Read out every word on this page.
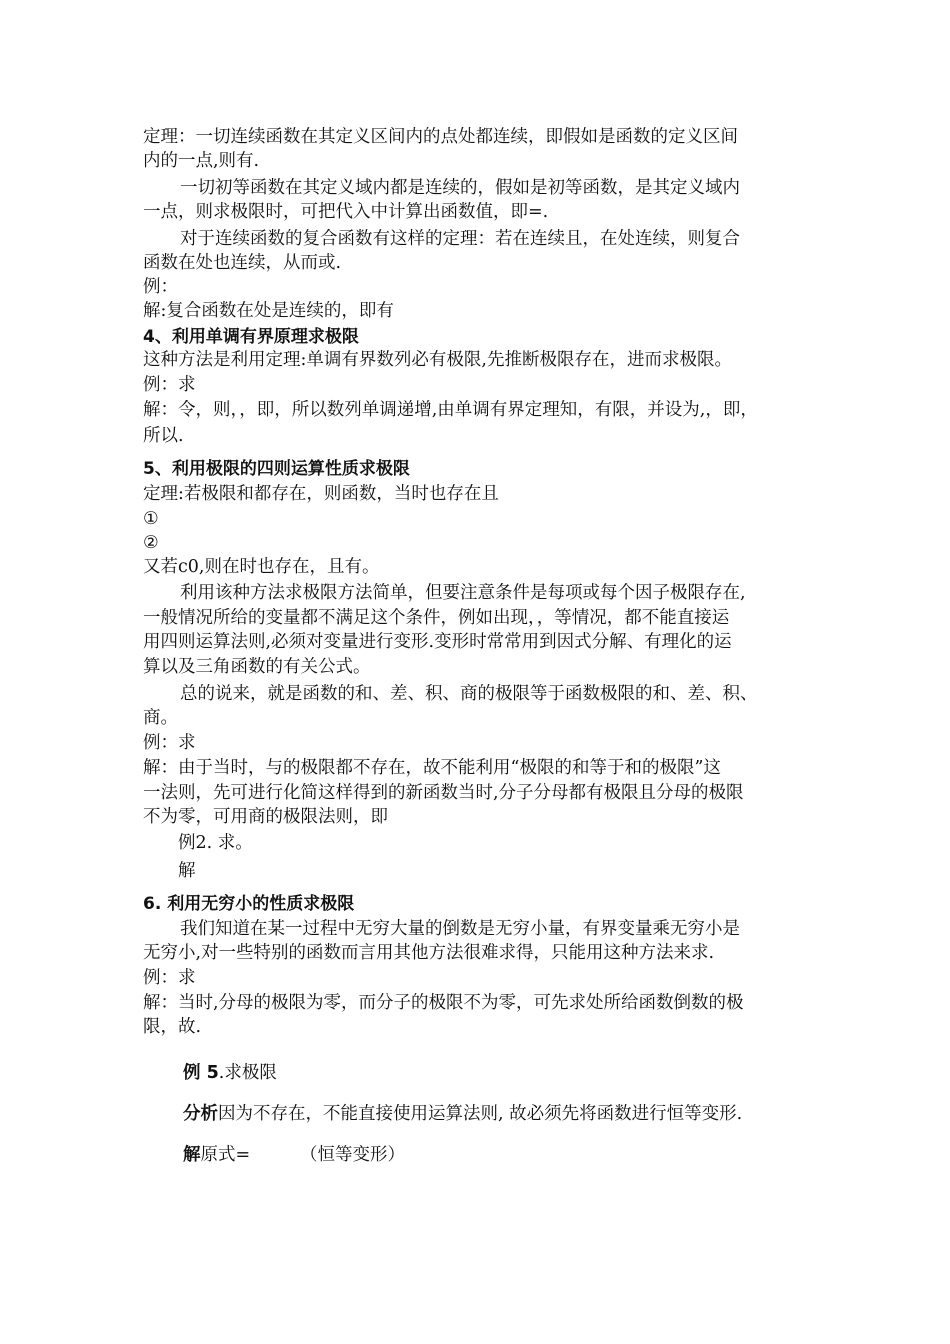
定理：一切连续函数在其定义区间内的点处都连续，即假如是函数的定义区间
内的一点,则有.
一切初等函数在其定义域内都是连续的，假如是初等函数，是其定义域内
一点，则求极限时，可把代入中计算出函数值，即=.
对于连续函数的复合函数有这样的定理：若在连续且，在处连续，则复合
函数在处也连续，从而或.
例：
解:复合函数在处是连续的，即有
4、利用单调有界原理求极限
这种方法是利用定理:单调有界数列必有极限,先推断极限存在，进而求极限。
例：求
解：令，则，，即，所以数列单调递增,由单调有界定理知，有限，并设为,，即，
所以.
5、利用极限的四则运算性质求极限
定理:若极限和都存在，则函数，当时也存在且
①
②
又若c0,则在时也存在，且有。
利用该种方法求极限方法简单，但要注意条件是每项或每个因子极限存在,
一般情况所给的变量都不满足这个条件，例如出现，，等情况，都不能直接运
用四则运算法则,必须对变量进行变形.变形时常常用到因式分解、有理化的运
算以及三角函数的有关公式。
总的说来，就是函数的和、差、积、商的极限等于函数极限的和、差、积、
商。
例：求
解：由于当时，与的极限都不存在，故不能利用“极限的和等于和的极限”这
一法则，先可进行化简这样得到的新函数当时,分子分母都有极限且分母的极限
不为零，可用商的极限法则，即
例2. 求。
解
6. 利用无穷小的性质求极限
我们知道在某一过程中无穷大量的倒数是无穷小量，有界变量乘无穷小是
无穷小,对一些特别的函数而言用其他方法很难求得，只能用这种方法来求.
例：求
解：当时,分母的极限为零，而分子的极限不为零，可先求处所给函数倒数的极
限，故.
例 5.求极限
分析因为不存在，不能直接使用运算法则, 故必须先将函数进行恒等变形.
解原式=	（恒等变形）
